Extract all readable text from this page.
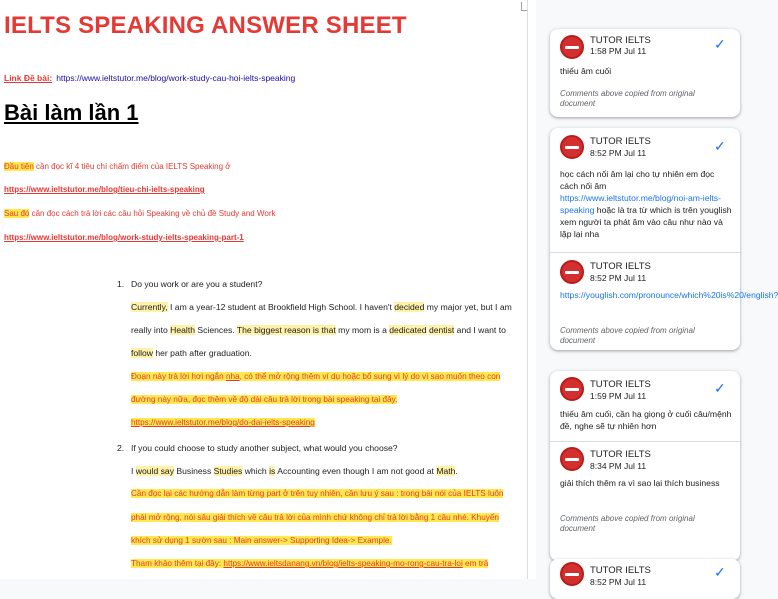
IELTS SPEAKING ANSWER SHEET
Link Đề bài: https://www.ieltstutor.me/blog/work-study-cau-hoi-ielts-speaking
Bài làm lần 1
Đầu tiên cần đọc kĩ 4 tiêu chí chấm điểm của IELTS Speaking ở
https://www.ieltstutor.me/blog/tieu-chi-ielts-speaking
Sau đó cần đọc cách trả lời các câu hỏi Speaking về chủ đề Study and Work
https://www.ieltstutor.me/blog/work-study-ielts-speaking-part-1
1. Do you work or are you a student?
Currently, I am a year-12 student at Brookfield High School. I haven't decided my major yet, but I am
really into Health Sciences. The biggest reason is that my mom is a dedicated dentist and I want to
follow her path after graduation.
Đoạn này trả lời hơi ngắn nha, có thể mở rộng thêm ví dụ hoặc bổ sung vì lý do vì sao muốn theo con
đường này nữa, đọc thêm về độ dài câu trả lời trong bài speaking tại đây.
https://www.ieltstutor.me/blog/do-dai-ielts-speaking
2. If you could choose to study another subject, what would you choose?
I would say Business Studies which is Accounting even though I am not good at Math.
Cần đọc lại các hướng dẫn làm từng part ở trên tuy nhiên, cần lưu ý sau : trong bài nói của IELTS luôn
phải mở rộng, nói sâu giải thích về câu trả lời của mình chứ không chỉ trả lời bằng 1 câu nhé. Khuyến
khích sử dụng 1 sườn sau : Main answer-> Supporting Idea-> Example.
Tham khảo thêm tại đây: https://www.ieltsdanang.vn/blog/ielts-speaking-mo-rong-cau-tra-loi em trả
TUTOR IELTS
1:58 PM Jul 11	✓
thiếu âm cuối
Comments above copied from original document
TUTOR IELTS
8:52 PM Jul 11	✓
học cách nối âm lại cho tự nhiên em đọc cách nối âm https://www.ieltstutor.me/blog/noi-am-ielts-speaking hoặc là tra từ which is trên youglish xem người ta phát âm vào câu như nào và lặp lại nha
TUTOR IELTS
8:52 PM Jul 11
https://youglish.com/pronounce/which%20is%20/english?
Comments above copied from original document
TUTOR IELTS
1:59 PM Jul 11	✓
thiếu âm cuối, cần hạ giọng ở cuối câu/mệnh đề, nghe sẽ tự nhiên hơn
TUTOR IELTS
8:34 PM Jul 11
giải thích thêm ra vì sao lại thích business
Comments above copied from original document
TUTOR IELTS
8:52 PM Jul 11
✓
